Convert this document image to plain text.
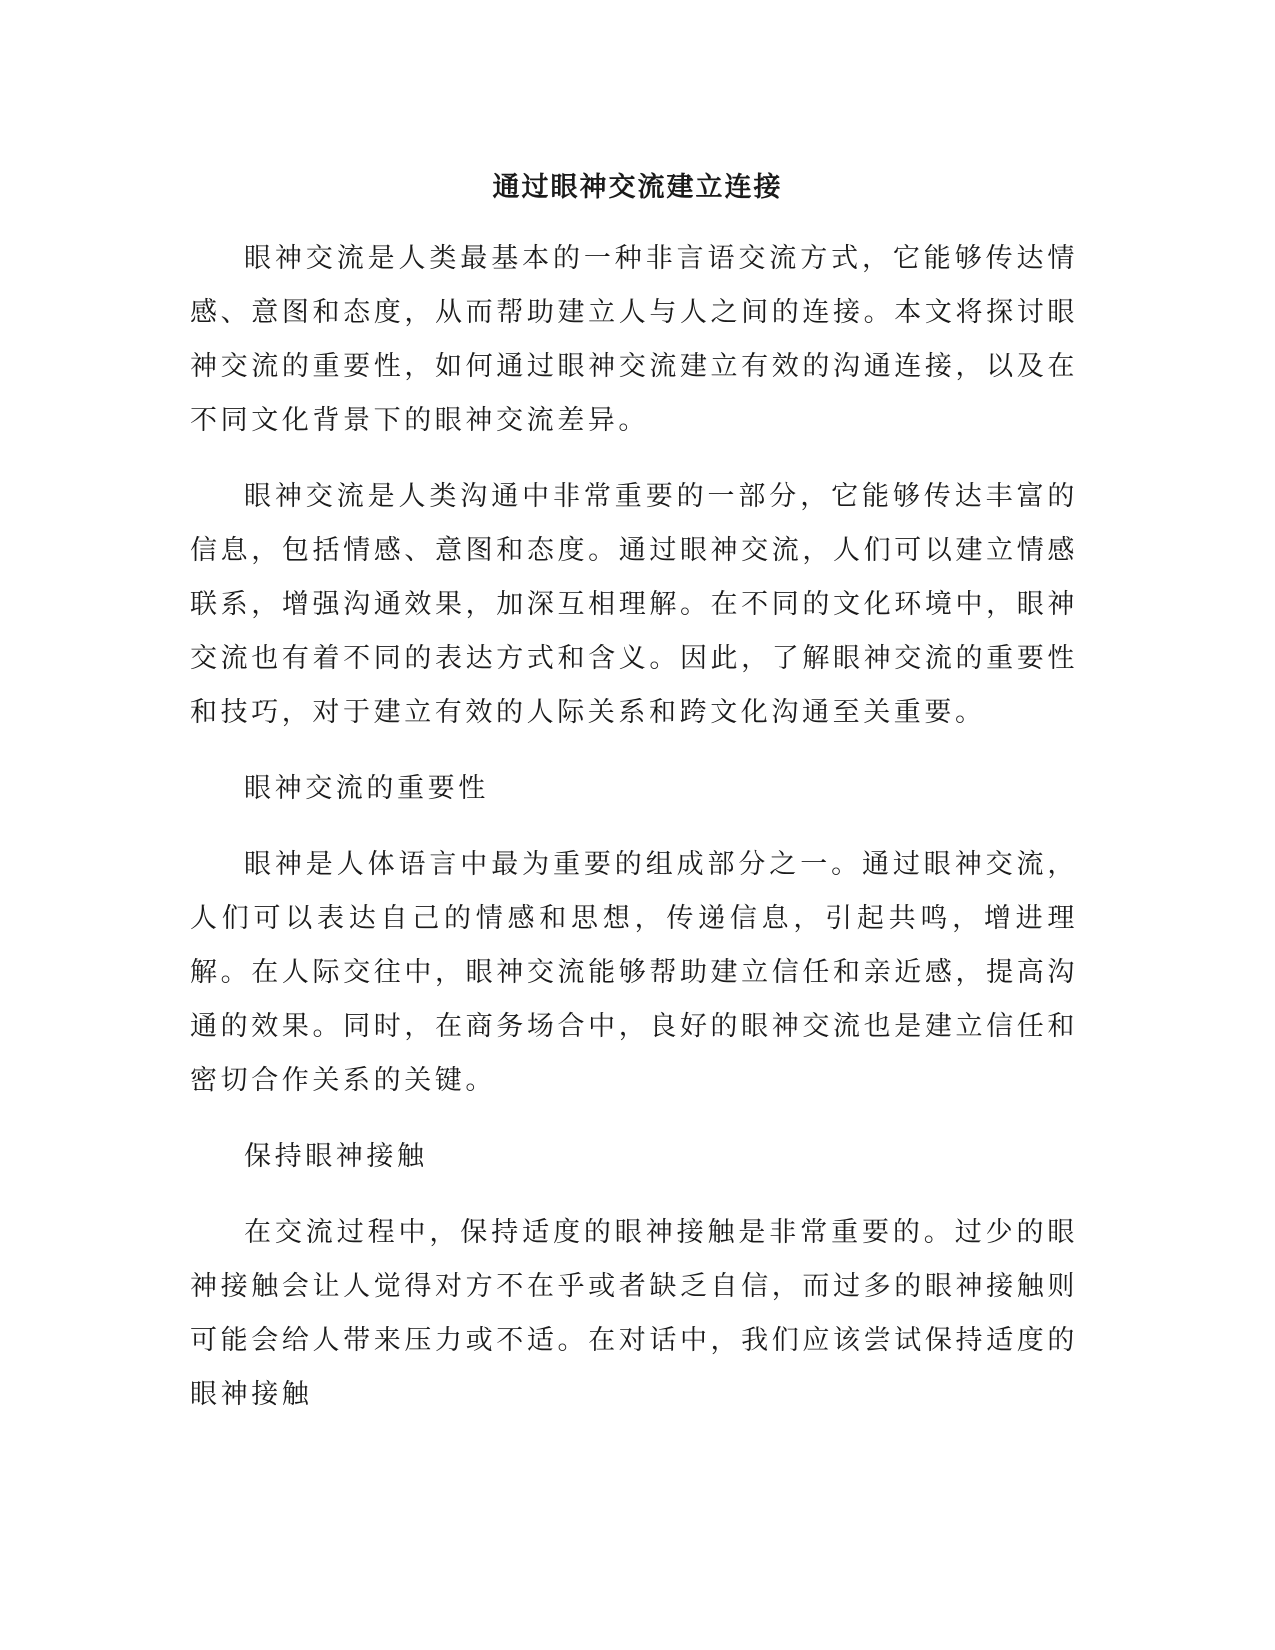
通过眼神交流建立连接

眼神交流是人类最基本的一种非言语交流方式，它能够传达情感、意图和态度，从而帮助建立人与人之间的连接。本文将探讨眼神交流的重要性，如何通过眼神交流建立有效的沟通连接，以及在不同文化背景下的眼神交流差异。

眼神交流是人类沟通中非常重要的一部分，它能够传达丰富的信息，包括情感、意图和态度。通过眼神交流，人们可以建立情感联系，增强沟通效果，加深互相理解。在不同的文化环境中，眼神交流也有着不同的表达方式和含义。因此，了解眼神交流的重要性和技巧，对于建立有效的人际关系和跨文化沟通至关重要。

眼神交流的重要性

眼神是人体语言中最为重要的组成部分之一。通过眼神交流，人们可以表达自己的情感和思想，传递信息，引起共鸣，增进理解。在人际交往中，眼神交流能够帮助建立信任和亲近感，提高沟通的效果。同时，在商务场合中，良好的眼神交流也是建立信任和密切合作关系的关键。

保持眼神接触

在交流过程中，保持适度的眼神接触是非常重要的。过少的眼神接触会让人觉得对方不在乎或者缺乏自信，而过多的眼神接触则可能会给人带来压力或不适。在对话中，我们应该尝试保持适度的眼神接触
